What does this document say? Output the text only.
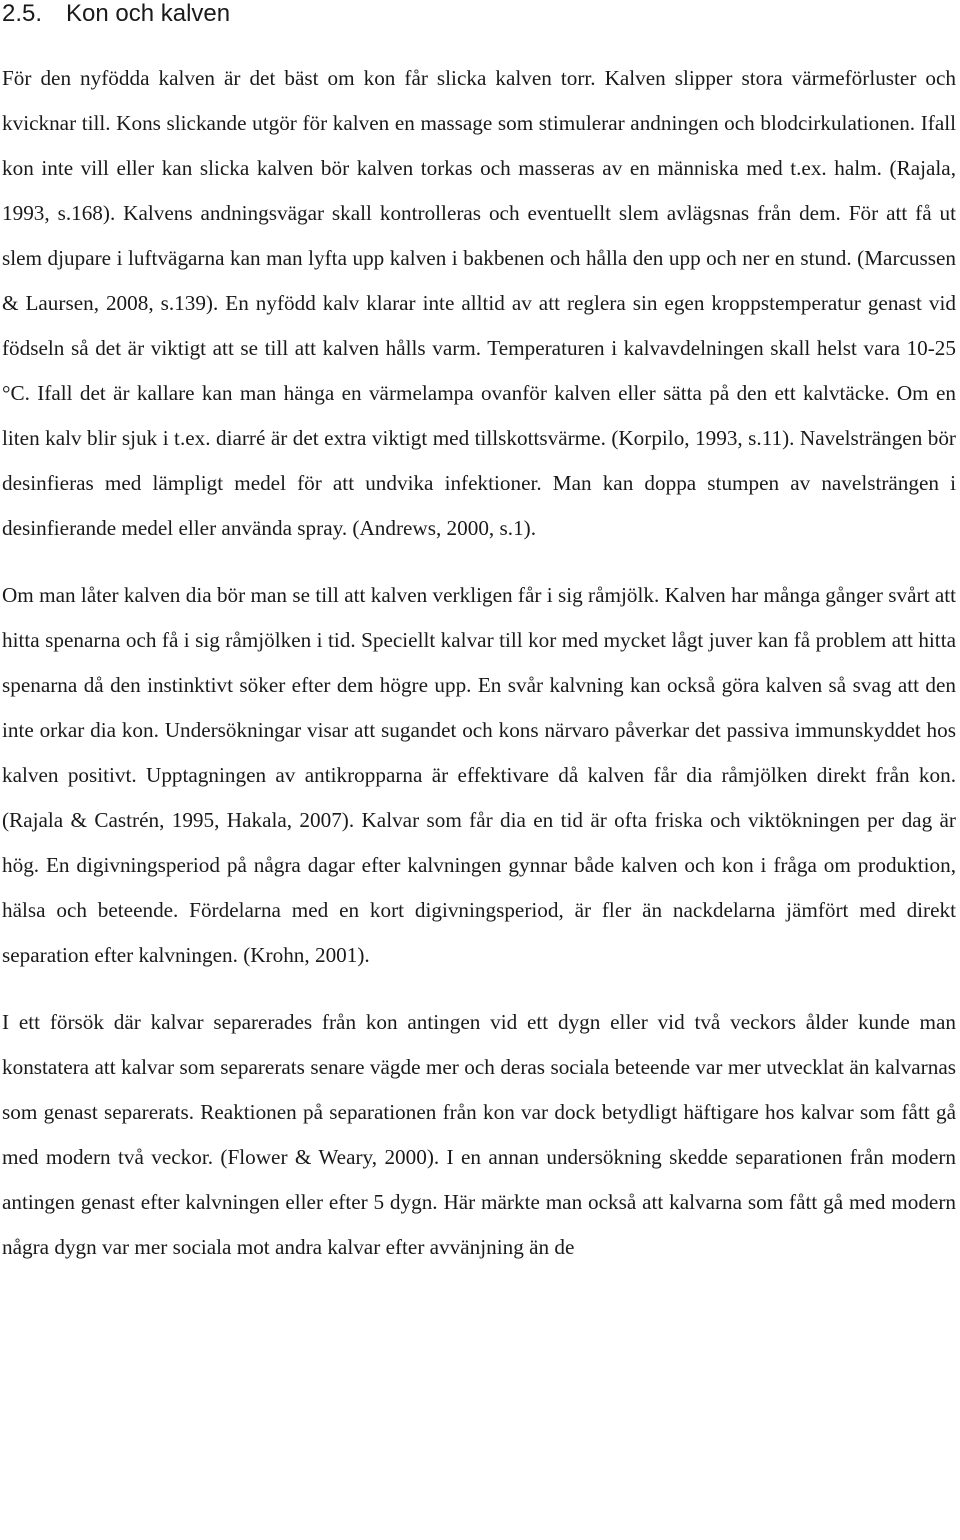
2.5. Kon och kalven

För den nyfödda kalven är det bäst om kon får slicka kalven torr. Kalven slipper stora värmeförluster och kvicknar till. Kons slickande utgör för kalven en massage som stimulerar andningen och blodcirkulationen. Ifall kon inte vill eller kan slicka kalven bör kalven torkas och masseras av en människa med t.ex. halm. (Rajala, 1993, s.168). Kalvens andningsvägar skall kontrolleras och eventuellt slem avlägsnas från dem. För att få ut slem djupare i luftvägarna kan man lyfta upp kalven i bakbenen och hålla den upp och ner en stund. (Marcussen & Laursen, 2008, s.139). En nyfödd kalv klarar inte alltid av att reglera sin egen kroppstemperatur genast vid födseln så det är viktigt att se till att kalven hålls varm. Temperaturen i kalvavdelningen skall helst vara 10-25 °C. Ifall det är kallare kan man hänga en värmelampa ovanför kalven eller sätta på den ett kalvtäcke. Om en liten kalv blir sjuk i t.ex. diarré är det extra viktigt med tillskottsvärme. (Korpilo, 1993, s.11). Navelsträngen bör desinfieras med lämpligt medel för att undvika infektioner. Man kan doppa stumpen av navelsträngen i desinfierande medel eller använda spray. (Andrews, 2000, s.1).

Om man låter kalven dia bör man se till att kalven verkligen får i sig råmjölk. Kalven har många gånger svårt att hitta spenarna och få i sig råmjölken i tid. Speciellt kalvar till kor med mycket lågt juver kan få problem att hitta spenarna då den instinktivt söker efter dem högre upp. En svår kalvning kan också göra kalven så svag att den inte orkar dia kon. Undersökningar visar att sugandet och kons närvaro påverkar det passiva immunskyddet hos kalven positivt. Upptagningen av antikropparna är effektivare då kalven får dia råmjölken direkt från kon. (Rajala & Castrén, 1995, Hakala, 2007). Kalvar som får dia en tid är ofta friska och viktökningen per dag är hög. En digivningsperiod på några dagar efter kalvningen gynnar både kalven och kon i fråga om produktion, hälsa och beteende. Fördelarna med en kort digivningsperiod, är fler än nackdelarna jämfört med direkt separation efter kalvningen. (Krohn, 2001).

I ett försök där kalvar separerades från kon antingen vid ett dygn eller vid två veckors ålder kunde man konstatera att kalvar som separerats senare vägde mer och deras sociala beteende var mer utvecklat än kalvarnas som genast separerats. Reaktionen på separationen från kon var dock betydligt häftigare hos kalvar som fått gå med modern två veckor. (Flower & Weary, 2000). I en annan undersökning skedde separationen från modern antingen genast efter kalvningen eller efter 5 dygn. Här märkte man också att kalvarna som fått gå med modern några dygn var mer sociala mot andra kalvar efter avvänjning än de
